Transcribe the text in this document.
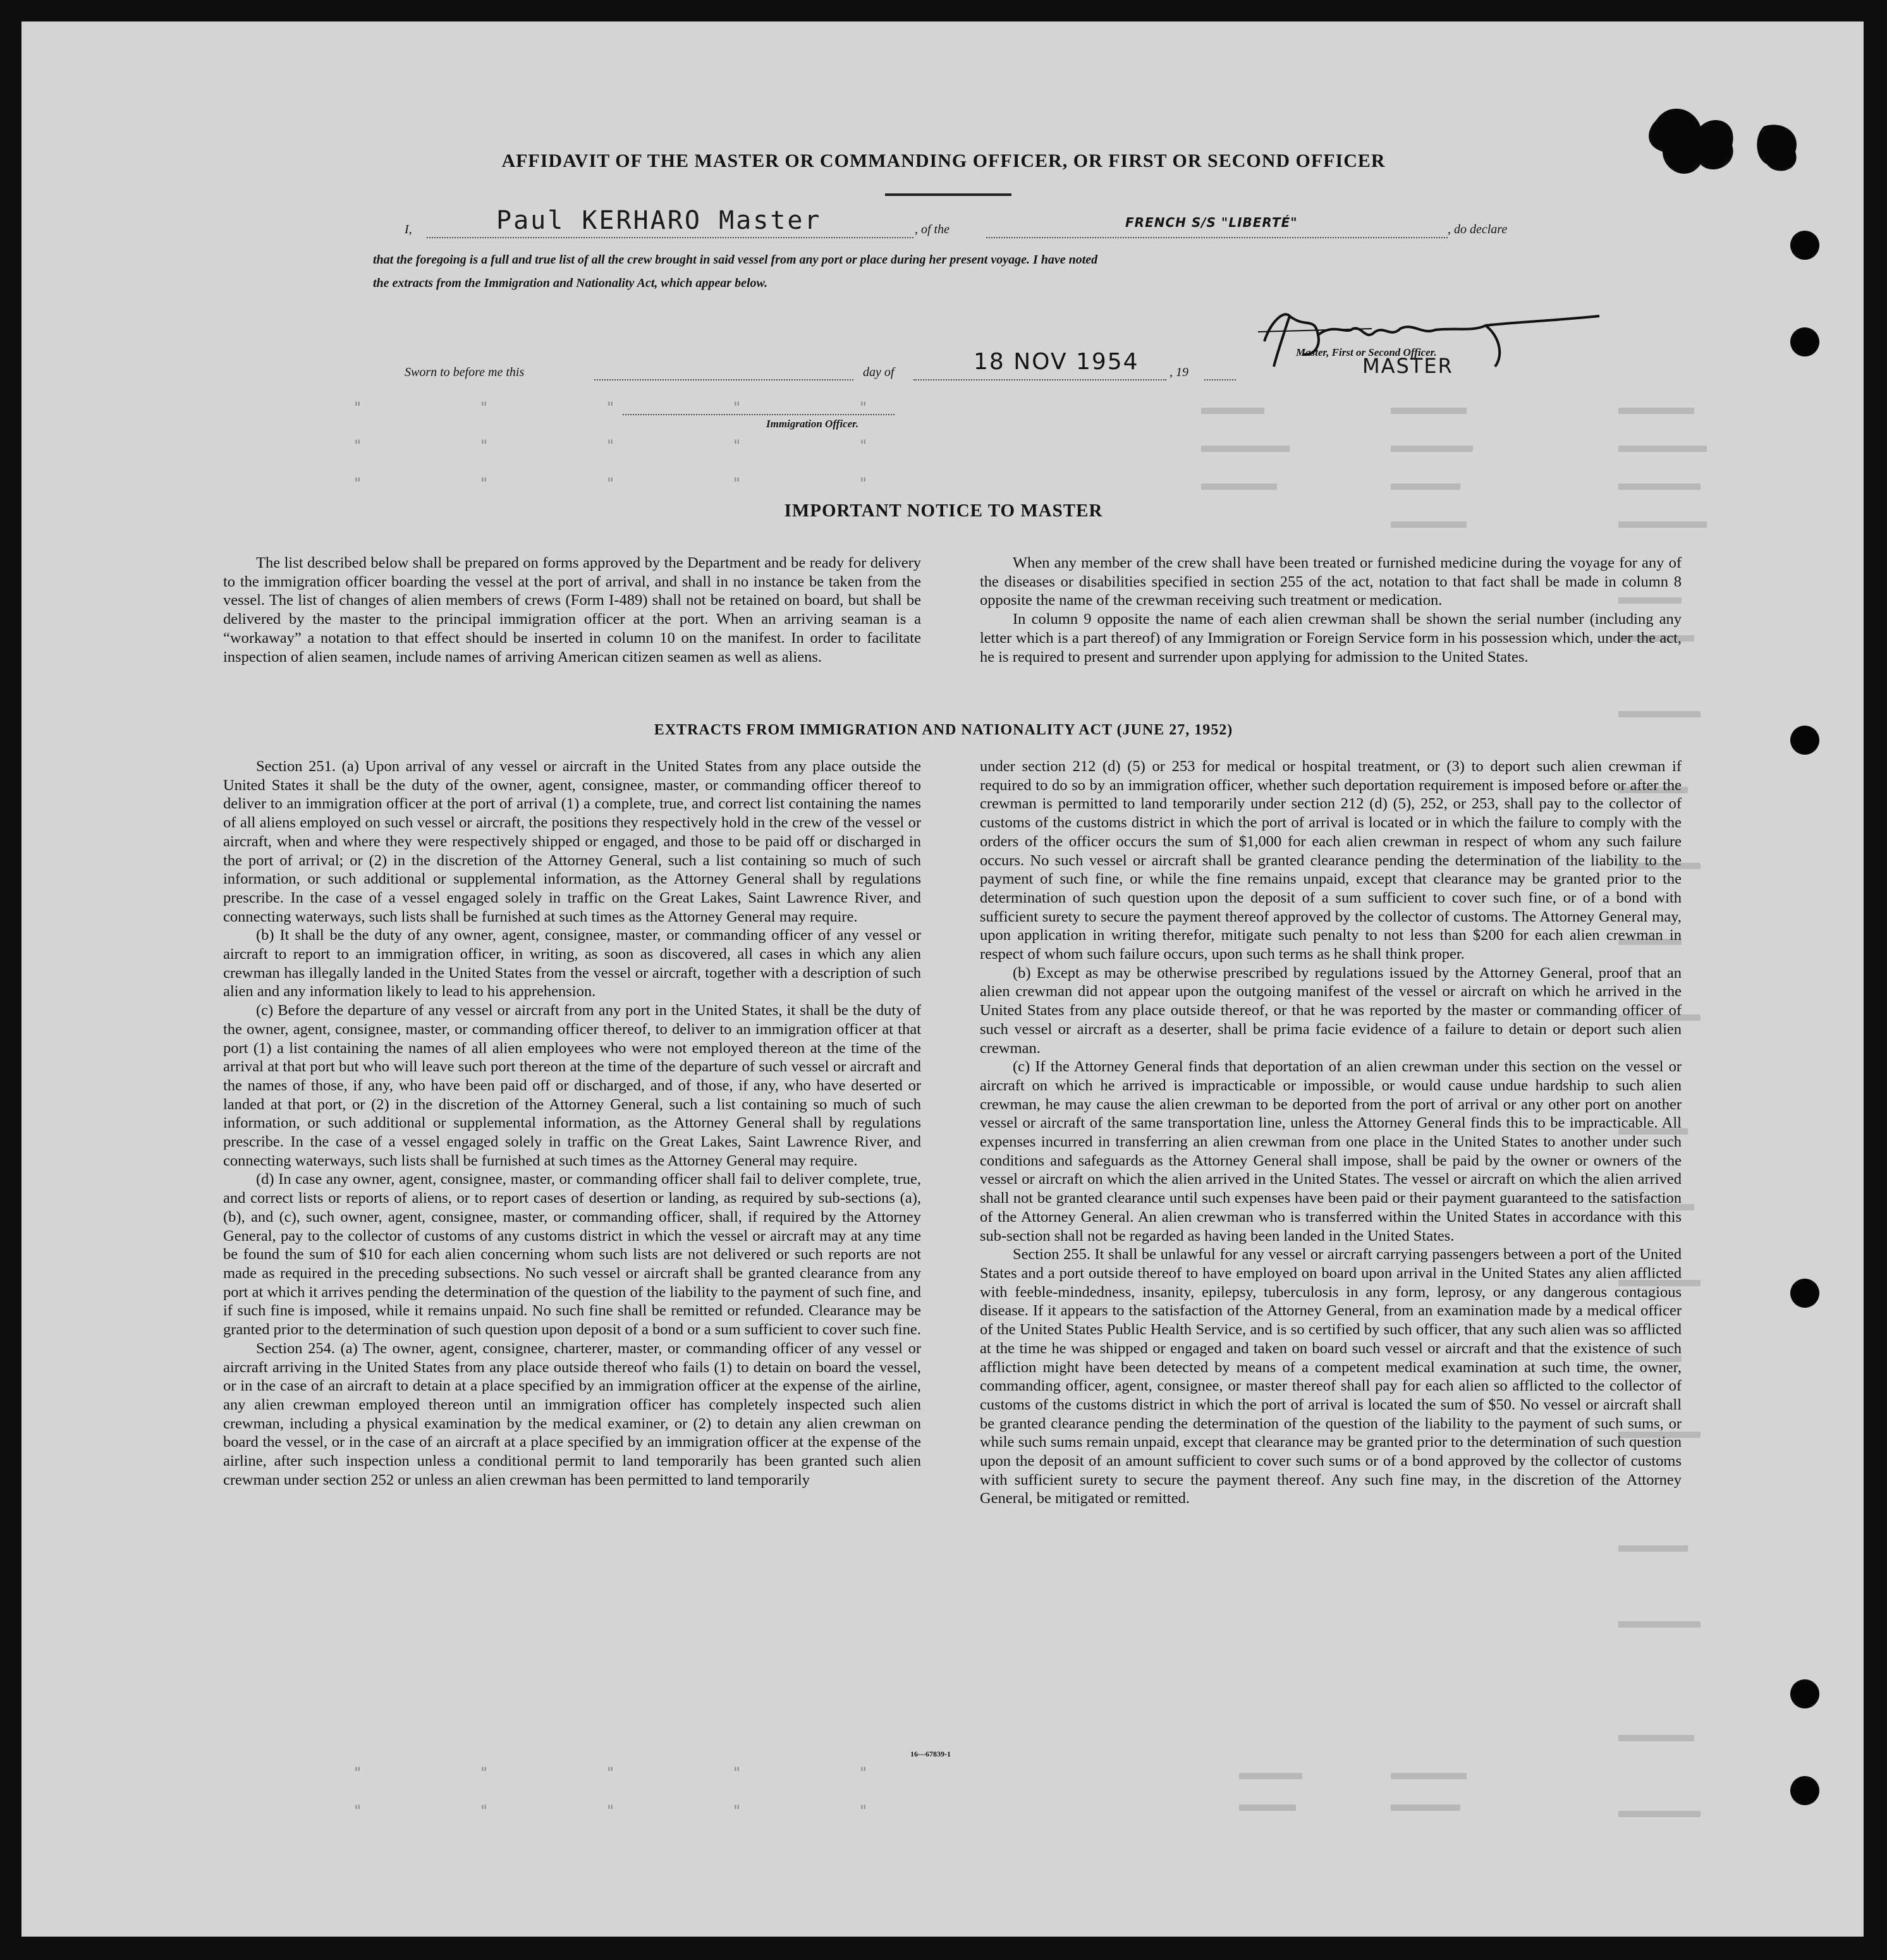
"	"	"	"	"
"	"	"	"	"
"	"	"	"	"
"	"	"	"	"
"	"	"	"	"
AFFIDAVIT OF THE MASTER OR COMMANDING OFFICER, OR FIRST OR SECOND OFFICER
I,	Paul KERHARO Master	, of the	FRENCH S/S "LIBERTÉ"	, do declare
that the foregoing is a full and true list of all the crew brought in said vessel from any port or place during her present voyage. I have noted
the extracts from the Immigration and Nationality Act, which appear below.
Master, First or Second Officer.
MASTER
Sworn to before me this	day of	18 NOV 1954 , 19
Immigration Officer.
IMPORTANT NOTICE TO MASTER

The list described below shall be prepared on forms approved by the Department and be ready for delivery to the immigration officer boarding the vessel at the port of arrival, and shall in no instance be taken from the vessel. The list of changes of alien members of crews (Form I-489) shall not be retained on board, but shall be delivered by the master to the principal immigration officer at the port. When an arriving seaman is a “workaway” a notation to that effect should be inserted in column 10 on the manifest. In order to facilitate inspection of alien seamen, include names of arriving American citizen seamen as well as aliens.

When any member of the crew shall have been treated or furnished medicine during the voyage for any of the diseases or disabilities specified in section 255 of the act, notation to that fact shall be made in column 8 opposite the name of the crewman receiving such treatment or medication.

In column 9 opposite the name of each alien crewman shall be shown the serial number (including any letter which is a part thereof) of any Immigration or Foreign Service form in his possession which, under the act, he is required to present and surrender upon applying for admission to the United States.

EXTRACTS FROM IMMIGRATION AND NATIONALITY ACT (JUNE 27, 1952)

Section 251. (a) Upon arrival of any vessel or aircraft in the United States from any place outside the United States it shall be the duty of the owner, agent, consignee, master, or commanding officer thereof to deliver to an immigration officer at the port of arrival (1) a complete, true, and correct list containing the names of all aliens employed on such vessel or aircraft, the positions they respectively hold in the crew of the vessel or aircraft, when and where they were respectively shipped or engaged, and those to be paid off or discharged in the port of arrival; or (2) in the discretion of the Attorney General, such a list containing so much of such information, or such additional or supplemental information, as the Attorney General shall by regulations prescribe. In the case of a vessel engaged solely in traffic on the Great Lakes, Saint Lawrence River, and connecting waterways, such lists shall be furnished at such times as the Attorney General may require.

(b) It shall be the duty of any owner, agent, consignee, master, or commanding officer of any vessel or aircraft to report to an immigration officer, in writing, as soon as discovered, all cases in which any alien crewman has illegally landed in the United States from the vessel or aircraft, together with a description of such alien and any information likely to lead to his apprehension.

(c) Before the departure of any vessel or aircraft from any port in the United States, it shall be the duty of the owner, agent, consignee, master, or commanding officer thereof, to deliver to an immigration officer at that port (1) a list containing the names of all alien employees who were not employed thereon at the time of the arrival at that port but who will leave such port thereon at the time of the departure of such vessel or aircraft and the names of those, if any, who have been paid off or discharged, and of those, if any, who have deserted or landed at that port, or (2) in the discretion of the Attorney General, such a list containing so much of such information, or such additional or supplemental information, as the Attorney General shall by regulations prescribe. In the case of a vessel engaged solely in traffic on the Great Lakes, Saint Lawrence River, and connecting waterways, such lists shall be furnished at such times as the Attorney General may require.

(d) In case any owner, agent, consignee, master, or commanding officer shall fail to deliver complete, true, and correct lists or reports of aliens, or to report cases of desertion or landing, as required by sub-sections (a), (b), and (c), such owner, agent, consignee, master, or commanding officer, shall, if required by the Attorney General, pay to the collector of customs of any customs district in which the vessel or aircraft may at any time be found the sum of $10 for each alien concerning whom such lists are not delivered or such reports are not made as required in the preceding subsections. No such vessel or aircraft shall be granted clearance from any port at which it arrives pending the determination of the question of the liability to the payment of such fine, and if such fine is imposed, while it remains unpaid. No such fine shall be remitted or refunded. Clearance may be granted prior to the determination of such question upon deposit of a bond or a sum sufficient to cover such fine.

Section 254. (a) The owner, agent, consignee, charterer, master, or commanding officer of any vessel or aircraft arriving in the United States from any place outside thereof who fails (1) to detain on board the vessel, or in the case of an aircraft to detain at a place specified by an immigration officer at the expense of the airline, any alien crewman employed thereon until an immigration officer has completely inspected such alien crewman, including a physical examination by the medical examiner, or (2) to detain any alien crewman on board the vessel, or in the case of an aircraft at a place specified by an immigration officer at the expense of the airline, after such inspection unless a conditional permit to land temporarily has been granted such alien crewman under section 252 or unless an alien crewman has been permitted to land temporarily

under section 212 (d) (5) or 253 for medical or hospital treatment, or (3) to deport such alien crewman if required to do so by an immigration officer, whether such deportation requirement is imposed before or after the crewman is permitted to land temporarily under section 212 (d) (5), 252, or 253, shall pay to the collector of customs of the customs district in which the port of arrival is located or in which the failure to comply with the orders of the officer occurs the sum of $1,000 for each alien crewman in respect of whom any such failure occurs. No such vessel or aircraft shall be granted clearance pending the determination of the liability to the payment of such fine, or while the fine remains unpaid, except that clearance may be granted prior to the determination of such question upon the deposit of a sum sufficient to cover such fine, or of a bond with sufficient surety to secure the payment thereof approved by the collector of customs. The Attorney General may, upon application in writing therefor, mitigate such penalty to not less than $200 for each alien crewman in respect of whom such failure occurs, upon such terms as he shall think proper.

(b) Except as may be otherwise prescribed by regulations issued by the Attorney General, proof that an alien crewman did not appear upon the outgoing manifest of the vessel or aircraft on which he arrived in the United States from any place outside thereof, or that he was reported by the master or commanding officer of such vessel or aircraft as a deserter, shall be prima facie evidence of a failure to detain or deport such alien crewman.

(c) If the Attorney General finds that deportation of an alien crewman under this section on the vessel or aircraft on which he arrived is impracticable or impossible, or would cause undue hardship to such alien crewman, he may cause the alien crewman to be deported from the port of arrival or any other port on another vessel or aircraft of the same transportation line, unless the Attorney General finds this to be impracticable. All expenses incurred in transferring an alien crewman from one place in the United States to another under such conditions and safeguards as the Attorney General shall impose, shall be paid by the owner or owners of the vessel or aircraft on which the alien arrived in the United States. The vessel or aircraft on which the alien arrived shall not be granted clearance until such expenses have been paid or their payment guaranteed to the satisfaction of the Attorney General. An alien crewman who is transferred within the United States in accordance with this sub-section shall not be regarded as having been landed in the United States.

Section 255. It shall be unlawful for any vessel or aircraft carrying passengers between a port of the United States and a port outside thereof to have employed on board upon arrival in the United States any alien afflicted with feeble-mindedness, insanity, epilepsy, tuberculosis in any form, leprosy, or any dangerous contagious disease. If it appears to the satisfaction of the Attorney General, from an examination made by a medical officer of the United States Public Health Service, and is so certified by such officer, that any such alien was so afflicted at the time he was shipped or engaged and taken on board such vessel or aircraft and that the existence of such affliction might have been detected by means of a competent medical examination at such time, the owner, commanding officer, agent, consignee, or master thereof shall pay for each alien so afflicted to the collector of customs of the customs district in which the port of arrival is located the sum of $50. No vessel or aircraft shall be granted clearance pending the determination of the question of the liability to the payment of such sums, or while such sums remain unpaid, except that clearance may be granted prior to the determination of such question upon the deposit of an amount sufficient to cover such sums or of a bond approved by the collector of customs with sufficient surety to secure the payment thereof. Any such fine may, in the discretion of the Attorney General, be mitigated or remitted.

16—67839-1
